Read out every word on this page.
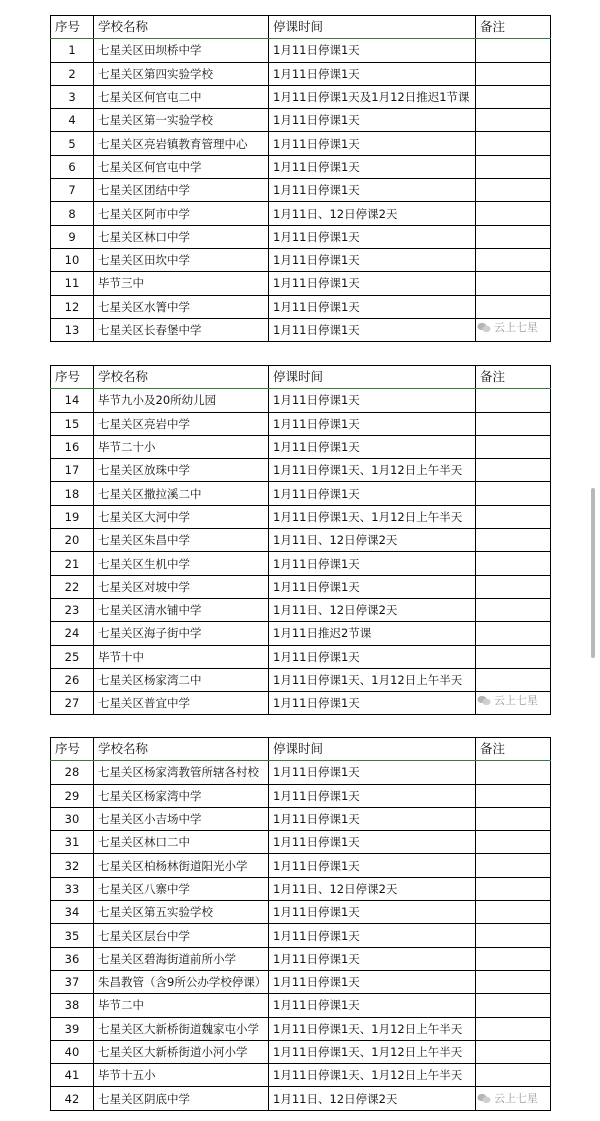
序号	学校名称	停课时间	备注
1	七星关区田坝桥中学	1月11日停课1天	
2	七星关区第四实验学校	1月11日停课1天	
3	七星关区何官屯二中	1月11日停课1天及1月12日推迟1节课	
4	七星关区第一实验学校	1月11日停课1天	
5	七星关区亮岩镇教育管理中心	1月11日停课1天	
6	七星关区何官屯中学	1月11日停课1天	
7	七星关区团结中学	1月11日停课1天	
8	七星关区阿市中学	1月11日、12日停课2天	
9	七星关区林口中学	1月11日停课1天	
10	七星关区田坎中学	1月11日停课1天	
11	毕节三中	1月11日停课1天	
12	七星关区水箐中学	1月11日停课1天	
13	七星关区长春堡中学	1月11日停课1天		云上七星
序号	学校名称	停课时间	备注
14	毕节九小及20所幼儿园	1月11日停课1天	
15	七星关区亮岩中学	1月11日停课1天	
16	毕节二十小	1月11日停课1天	
17	七星关区放珠中学	1月11日停课1天、1月12日上午半天	
18	七星关区撒拉溪二中	1月11日停课1天	
19	七星关区大河中学	1月11日停课1天、1月12日上午半天	
20	七星关区朱昌中学	1月11日、12日停课2天	
21	七星关区生机中学	1月11日停课1天	
22	七星关区对坡中学	1月11日停课1天	
23	七星关区清水铺中学	1月11日、12日停课2天	
24	七星关区海子街中学	1月11日推迟2节课	
25	毕节十中	1月11日停课1天	
26	七星关区杨家湾二中	1月11日停课1天、1月12日上午半天	
27	七星关区普宜中学	1月11日停课1天		云上七星
序号	学校名称	停课时间	备注
28	七星关区杨家湾教管所辖各村校	1月11日停课1天	
29	七星关区杨家湾中学	1月11日停课1天	
30	七星关区小吉场中学	1月11日停课1天	
31	七星关区林口二中	1月11日停课1天	
32	七星关区柏杨林街道阳光小学	1月11日停课1天	
33	七星关区八寨中学	1月11日、12日停课2天	
34	七星关区第五实验学校	1月11日停课1天	
35	七星关区层台中学	1月11日停课1天	
36	七星关区碧海街道前所小学	1月11日停课1天	
37	朱昌教管（含9所公办学校停课）	1月11日停课1天	
38	毕节二中	1月11日停课1天	
39	七星关区大新桥街道魏家屯小学	1月11日停课1天、1月12日上午半天	
40	七星关区大新桥街道小河小学	1月11日停课1天、1月12日上午半天	
41	毕节十五小	1月11日停课1天、1月12日上午半天	
42	七星关区阴底中学	1月11日、12日停课2天		云上七星
